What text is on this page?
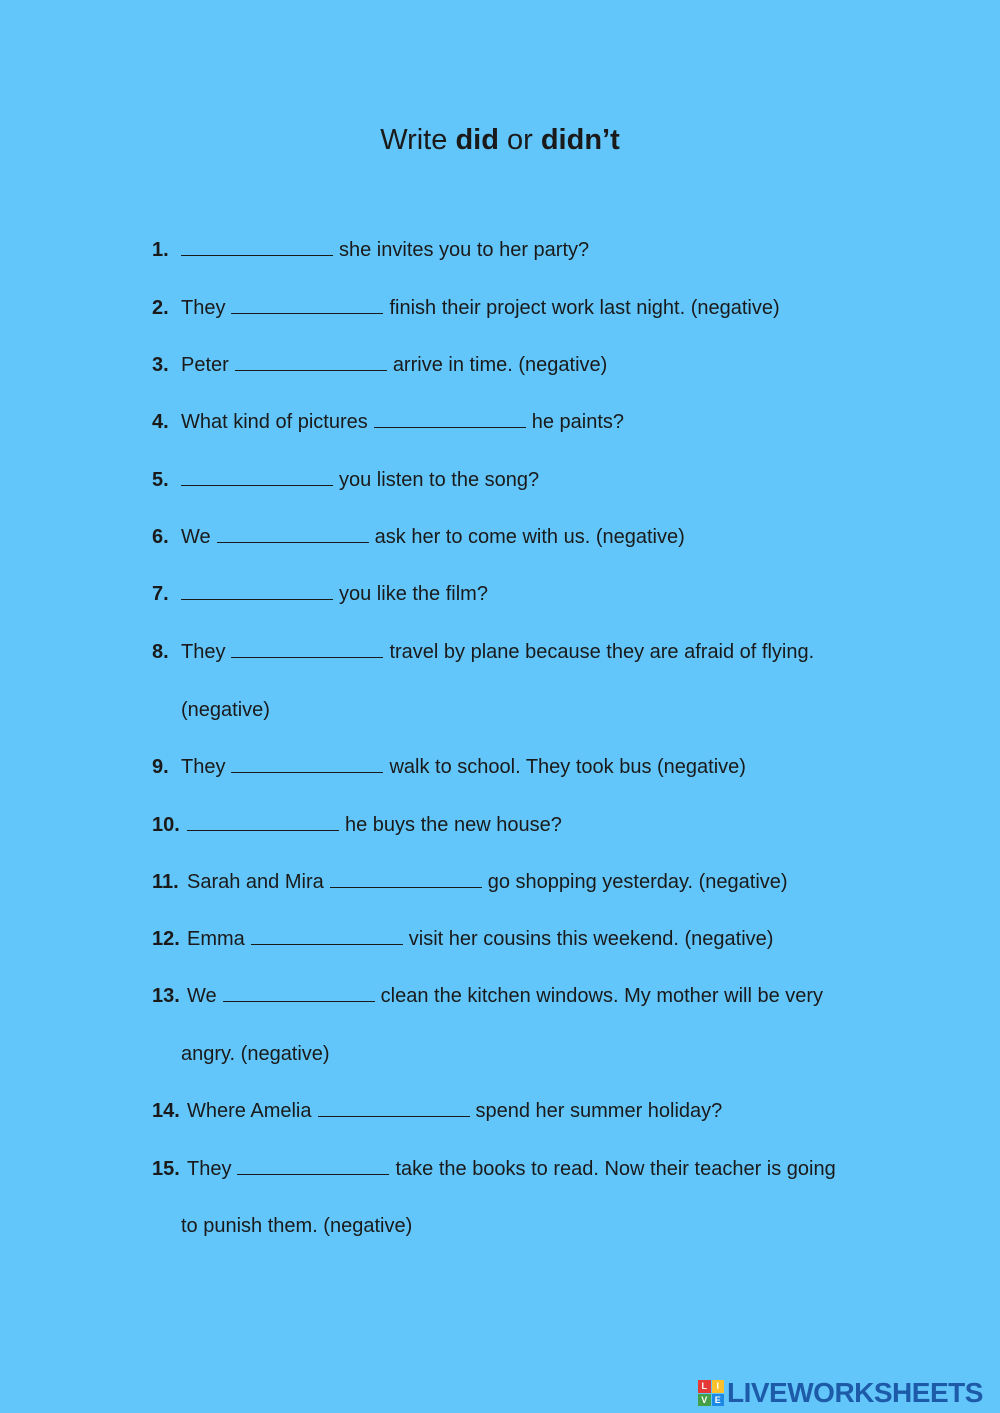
Write did or didn’t
1.	she invites you to her party?
2. They	finish their project work last night. (negative)
3. Peter	arrive in time. (negative)
4. What kind of pictures	he paints?
5.	you listen to the song?
6. We	ask her to come with us. (negative)
7.	you like the film?
8. They	travel by plane because they are afraid of flying.
(negative)
9. They	walk to school. They took bus (negative)
10.	he buys the new house?
11. Sarah and Mira	go shopping yesterday. (negative)
12. Emma	visit her cousins this weekend. (negative)
13. We	clean the kitchen windows. My mother will be very
angry. (negative)
14. Where Amelia	spend her summer holiday?
15. They	take the books to read. Now their teacher is going
to punish them. (negative)
L	I
V E LIVEWORKSHEETS
